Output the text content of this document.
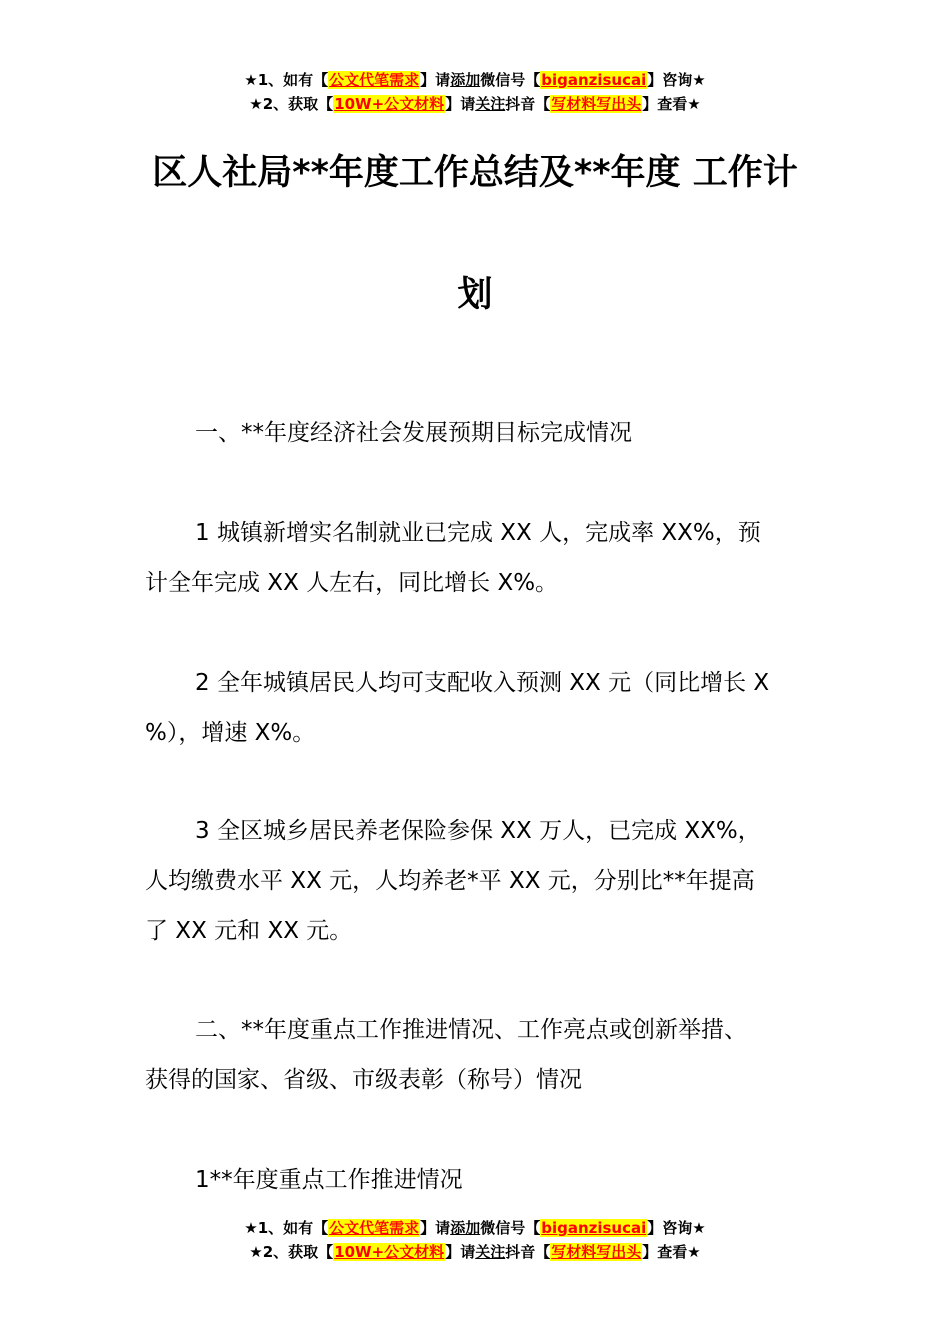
★1、如有【公文代笔需求】请添加微信号【biganzisucai】咨询★
★2、获取【10W+公文材料】请关注抖音【写材料写出头】查看★
区人社局**年度工作总结及**年度 工作计
划
一、**年度经济社会发展预期目标完成情况
1 城镇新增实名制就业已完成 XX 人，完成率 XX%，预
计全年完成 XX 人左右，同比增长 X%。
2 全年城镇居民人均可支配收入预测 XX 元（同比增长 X
%），增速 X%。
3 全区城乡居民养老保险参保 XX 万人，已完成 XX%，
人均缴费水平 XX 元，人均养老*平 XX 元，分别比**年提高
了 XX 元和 XX 元。
二、**年度重点工作推进情况、工作亮点或创新举措、
获得的国家、省级、市级表彰（称号）情况
1**年度重点工作推进情况
★1、如有【公文代笔需求】请添加微信号【biganzisucai】咨询★
★2、获取【10W+公文材料】请关注抖音【写材料写出头】查看★
